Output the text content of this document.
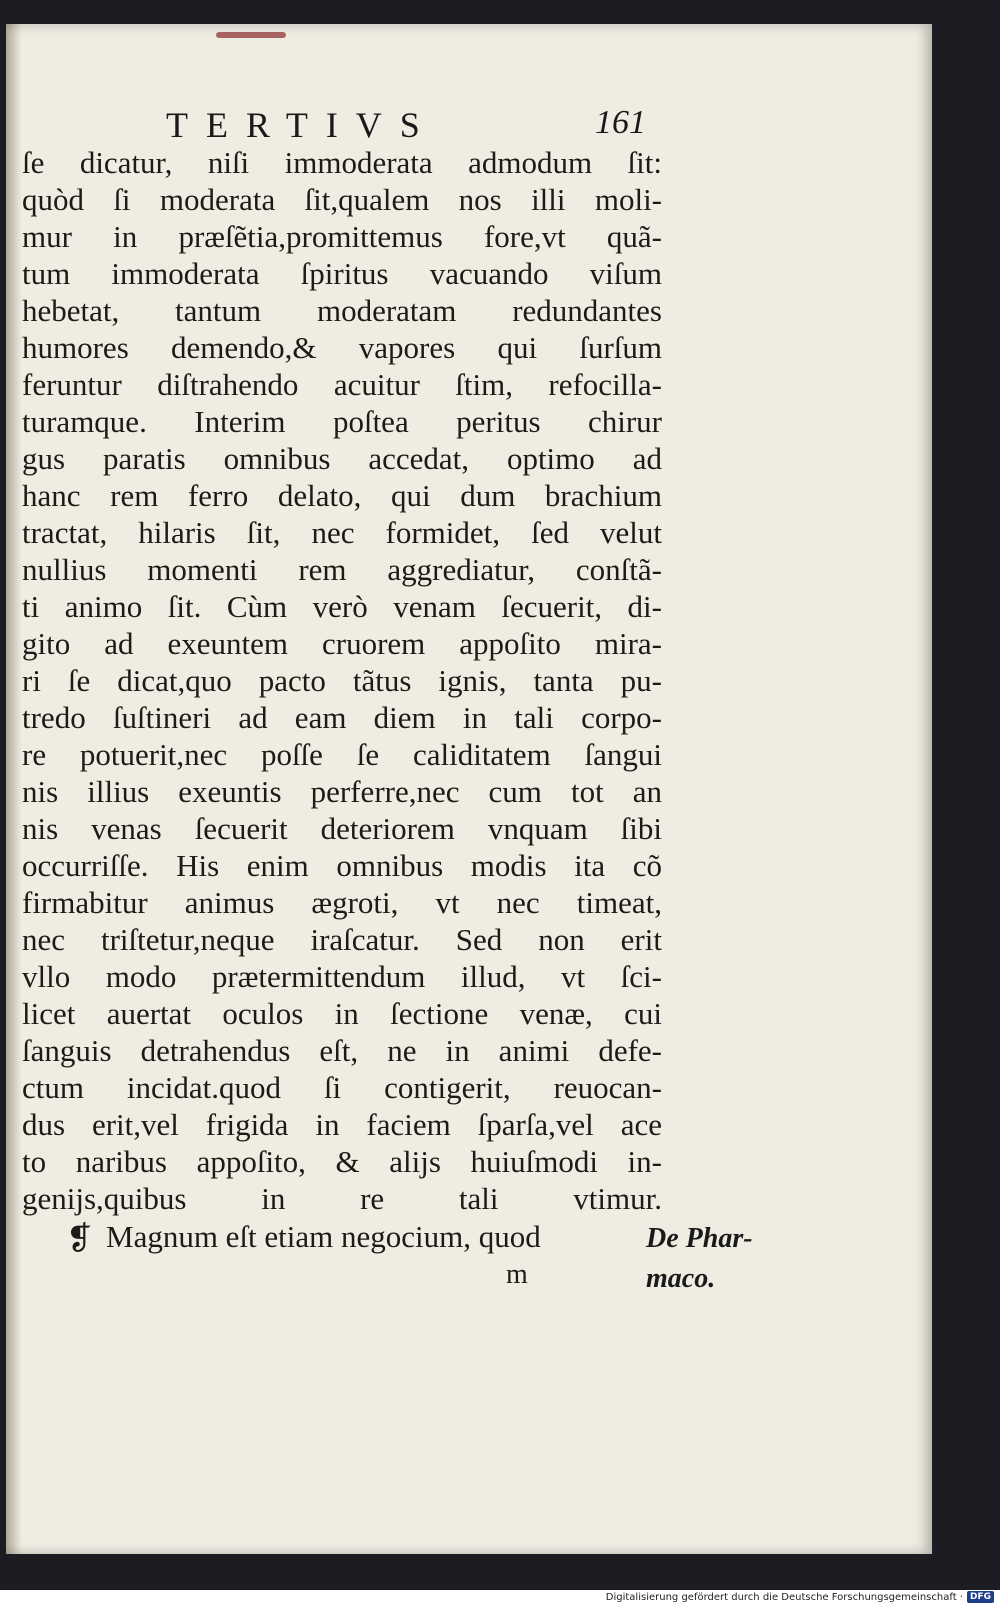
TERTIVS	161
ſe dicatur, niſi immoderata admodum ſit:
quòd ſi moderata ſit,qualem nos illi moli-
mur in præſẽtia,promittemus fore,vt quã-
tum immoderata ſpiritus vacuando viſum
hebetat, tantum moderatam redundantes
humores demendo,& vapores qui ſurſum
feruntur diſtrahendo acuitur ſtim, refocilla-
turamque. Interim poſtea peritus chirur
gus paratis omnibus accedat, optimo ad
hanc rem ferro delato, qui dum brachium
tractat, hilaris ſit, nec formidet, ſed velut
nullius momenti rem aggrediatur, conſtã-
ti animo ſit. Cùm verò venam ſecuerit, di-
gito ad exeuntem cruorem appoſito mira-
ri ſe dicat,quo pacto tãtus ignis, tanta pu-
tredo ſuſtineri ad eam diem in tali corpo-
re potuerit,nec poſſe ſe caliditatem ſangui
nis illius exeuntis perferre,nec cum tot an
nis venas ſecuerit deteriorem vnquam ſibi
occurriſſe. His enim omnibus modis ita cõ
firmabitur animus ægroti, vt nec timeat,
nec triſtetur,neque iraſcatur. Sed non erit
vllo modo prætermittendum illud, vt ſci-
licet auertat oculos in ſectione venæ, cui
ſanguis detrahendus eſt, ne in animi defe-
ctum incidat.quod ſi contigerit, reuocan-
dus erit,vel frigida in faciem ſparſa,vel ace
to naribus appoſito, & alijs huiuſmodi in-
genijs,quibus in re tali vtimur.
❡ Magnum eſt etiam negocium, quod
m
De Phar-
maco.
Digitalisierung gefördert durch die Deutsche Forschungsgemeinschaft · DFG
